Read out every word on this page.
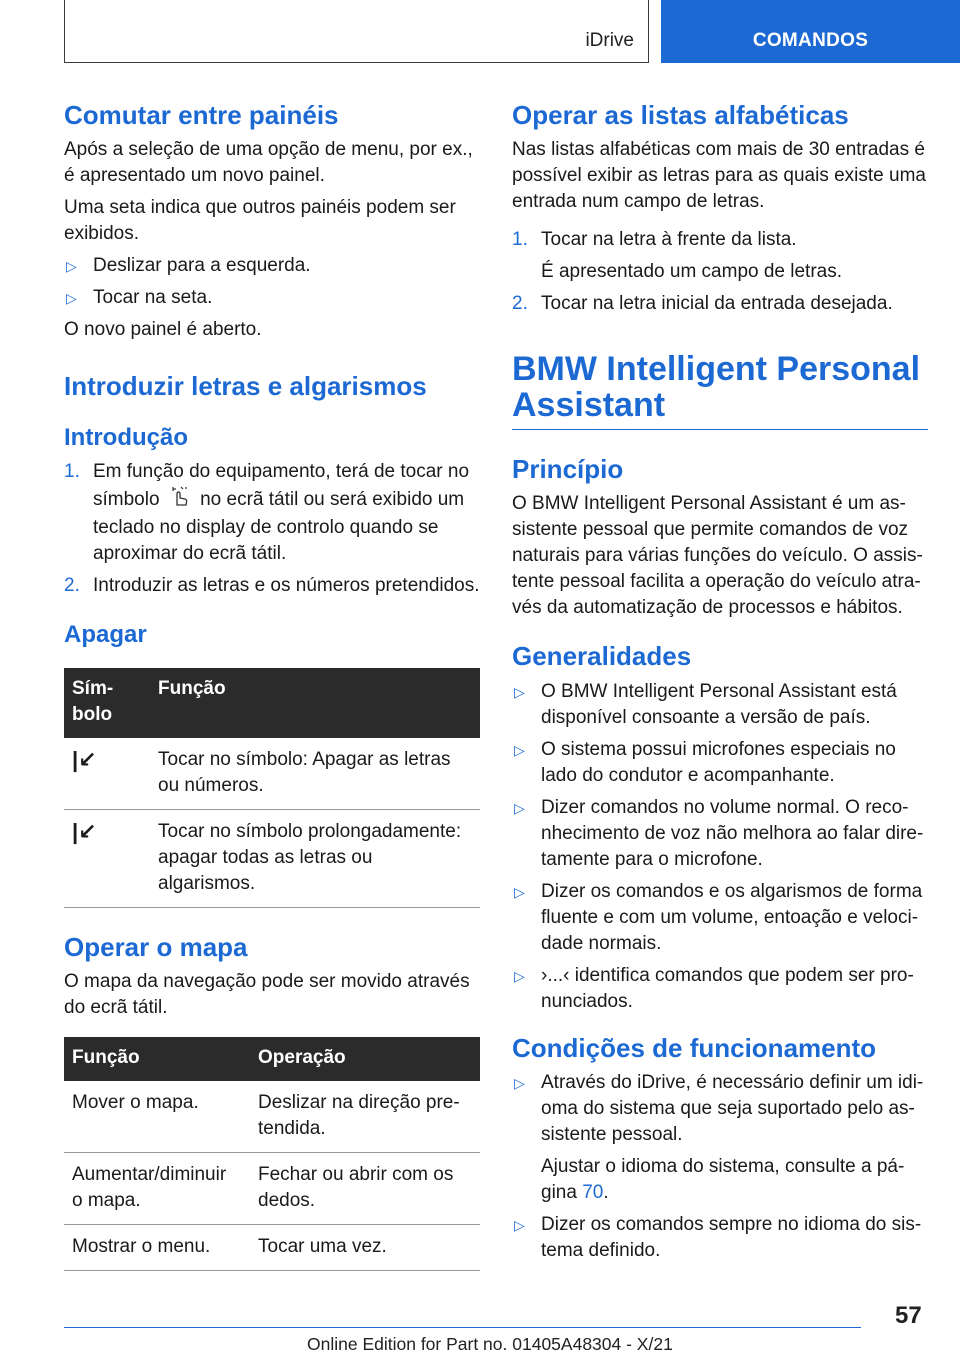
iDrive	COMANDOS
Comutar entre painéis

Após a seleção de uma opção de menu, por ex., é apresentado um novo painel.

Uma seta indica que outros painéis podem ser exibidos.

▷ Deslizar para a esquerda.
▷ Tocar na seta.

O novo painel é aberto.

Introduzir letras e algarismos
Introdução
1. Em função do equipamento, terá de tocar no símbolo no ecrã tátil ou será exibido um teclado no display de controlo quando se aproximar do ecrã tátil.
2. Introduzir as letras e os números pretendidos.
Apagar
Sím-
bolo	Função
|↙	Tocar no símbolo: Apagar as letras ou números.
|↙	Tocar no símbolo prolongadamente: apagar todas as letras ou algarismos.
Operar o mapa

O mapa da navegação pode ser movido através do ecrã tátil.

Função	Operação
Mover o mapa.	Deslizar na direção pre-tendida.
Aumentar/diminuir o mapa.	Fechar ou abrir com os dedos.
Mostrar o menu.	Tocar uma vez.
Operar as listas alfabéticas

Nas listas alfabéticas com mais de 30 entradas é possível exibir as letras para as quais existe uma entrada num campo de letras.

1. Tocar na letra à frente da lista.
É apresentado um campo de letras.
2. Tocar na letra inicial da entrada desejada.
BMW Intelligent Personal Assistant
Princípio

O BMW Intelligent Personal Assistant é um as-sistente pessoal que permite comandos de voz naturais para várias funções do veículo. O assis-tente pessoal facilita a operação do veículo atra-vés da automatização de processos e hábitos.

Generalidades
▷ O BMW Intelligent Personal Assistant está disponível consoante a versão de país.
▷ O sistema possui microfones especiais no lado do condutor e acompanhante.
▷ Dizer comandos no volume normal. O reco-nhecimento de voz não melhora ao falar dire-tamente para o microfone.
▷ Dizer os comandos e os algarismos de forma fluente e com um volume, entoação e veloci-dade normais.
▷ ›...‹ identifica comandos que podem ser pro-nunciados.
Condições de funcionamento
▷ Através do iDrive, é necessário definir um idi-oma do sistema que seja suportado pelo as-sistente pessoal.
Ajustar o idioma do sistema, consulte a pá-gina 70.
▷ Dizer os comandos sempre no idioma do sis-tema definido.
57
Online Edition for Part no. 01405A48304 - X/21
